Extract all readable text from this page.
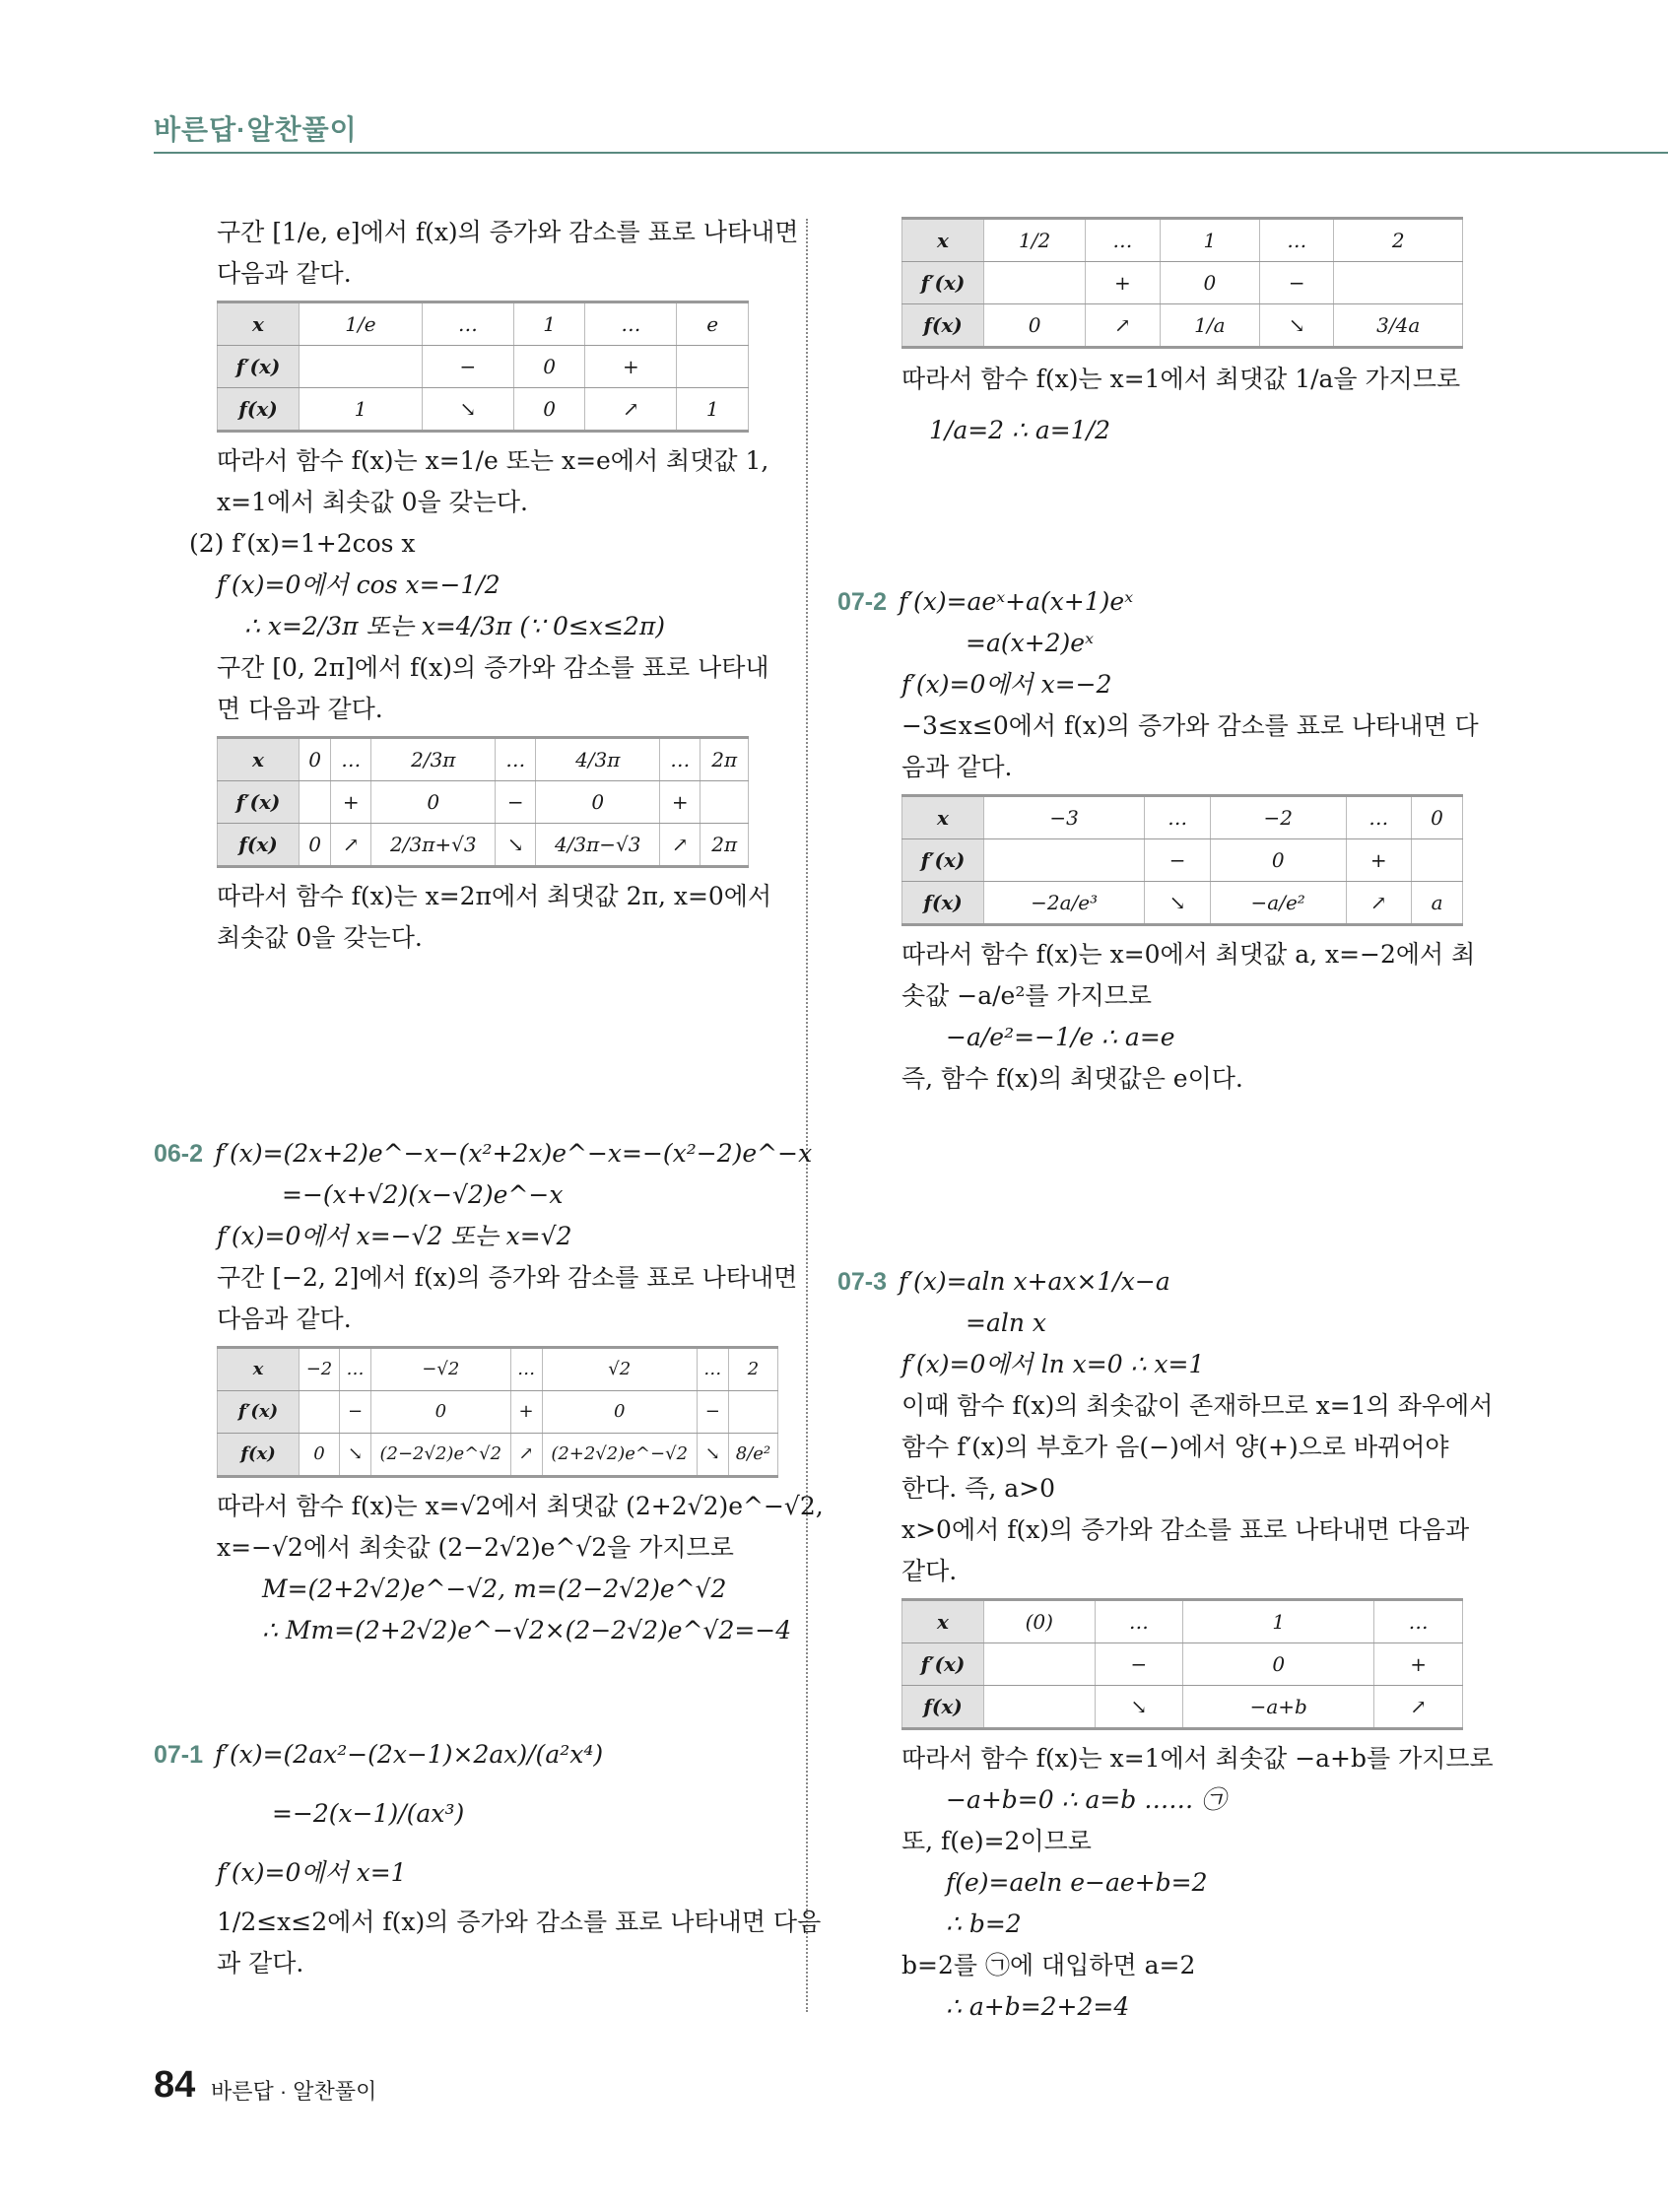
바른답·알찬풀이

구간 [1/e, e]에서 f(x)의 증가와 감소를 표로 나타내면

다음과 같다.

x	1/e	…	1	…	e
f′(x)		−	0	+	
f(x)	1	↘	0	↗	1

따라서 함수 f(x)는 x=1/e 또는 x=e에서 최댓값 1,

x=1에서 최솟값 0을 갖는다.

(2) f′(x)=1+2cos x

f′(x)=0에서 cos x=−1/2

∴ x=2/3π 또는 x=4/3π (∵ 0≤x≤2π)

구간 [0, 2π]에서 f(x)의 증가와 감소를 표로 나타내

면 다음과 같다.

x	0	…	2/3π	…	4/3π	…	2π
f′(x)		+	0	−	0	+	
f(x)	0	↗	2/3π+√3	↘	4/3π−√3	↗	2π

따라서 함수 f(x)는 x=2π에서 최댓값 2π, x=0에서

최솟값 0을 갖는다.

06-2 f′(x)=(2x+2)e^−x−(x²+2x)e^−x=−(x²−2)e^−x

=−(x+√2)(x−√2)e^−x

f′(x)=0에서 x=−√2 또는 x=√2

구간 [−2, 2]에서 f(x)의 증가와 감소를 표로 나타내면

다음과 같다.

x	−2	…	−√2	…	√2	…	2
f′(x)		−	0	+	0	−	
f(x)	0	↘	(2−2√2)e^√2	↗	(2+2√2)e^−√2	↘	8/e²

따라서 함수 f(x)는 x=√2에서 최댓값 (2+2√2)e^−√2,

x=−√2에서 최솟값 (2−2√2)e^√2을 가지므로

M=(2+2√2)e^−√2, m=(2−2√2)e^√2

∴ Mm=(2+2√2)e^−√2×(2−2√2)e^√2=−4

07-1 f′(x)=(2ax²−(2x−1)×2ax)/(a²x⁴)

=−2(x−1)/(ax³)

f′(x)=0에서 x=1

1/2≤x≤2에서 f(x)의 증가와 감소를 표로 나타내면 다음

과 같다.

x	1/2	…	1	…	2
f′(x)		+	0	−	
f(x)	0	↗	1/a	↘	3/4a

따라서 함수 f(x)는 x=1에서 최댓값 1/a을 가지므로

1/a=2 ∴ a=1/2

07-2 f′(x)=aeˣ+a(x+1)eˣ

=a(x+2)eˣ

f′(x)=0에서 x=−2

−3≤x≤0에서 f(x)의 증가와 감소를 표로 나타내면 다

음과 같다.

x	−3	…	−2	…	0
f′(x)		−	0	+	
f(x)	−2a/e³	↘	−a/e²	↗	a

따라서 함수 f(x)는 x=0에서 최댓값 a, x=−2에서 최

솟값 −a/e²를 가지므로

−a/e²=−1/e ∴ a=e

즉, 함수 f(x)의 최댓값은 e이다.

07-3 f′(x)=aln x+ax×1/x−a

=aln x

f′(x)=0에서 ln x=0 ∴ x=1

이때 함수 f(x)의 최솟값이 존재하므로 x=1의 좌우에서

함수 f′(x)의 부호가 음(−)에서 양(+)으로 바뀌어야

한다. 즉, a>0

x>0에서 f(x)의 증가와 감소를 표로 나타내면 다음과

같다.

x	(0)	…	1	…
f′(x)		−	0	+
f(x)		↘	−a+b	↗

따라서 함수 f(x)는 x=1에서 최솟값 −a+b를 가지므로

−a+b=0 ∴ a=b …… ㉠

또, f(e)=2이므로

f(e)=aeln e−ae+b=2

∴ b=2

b=2를 ㉠에 대입하면 a=2

∴ a+b=2+2=4

84 바른답 · 알찬풀이
